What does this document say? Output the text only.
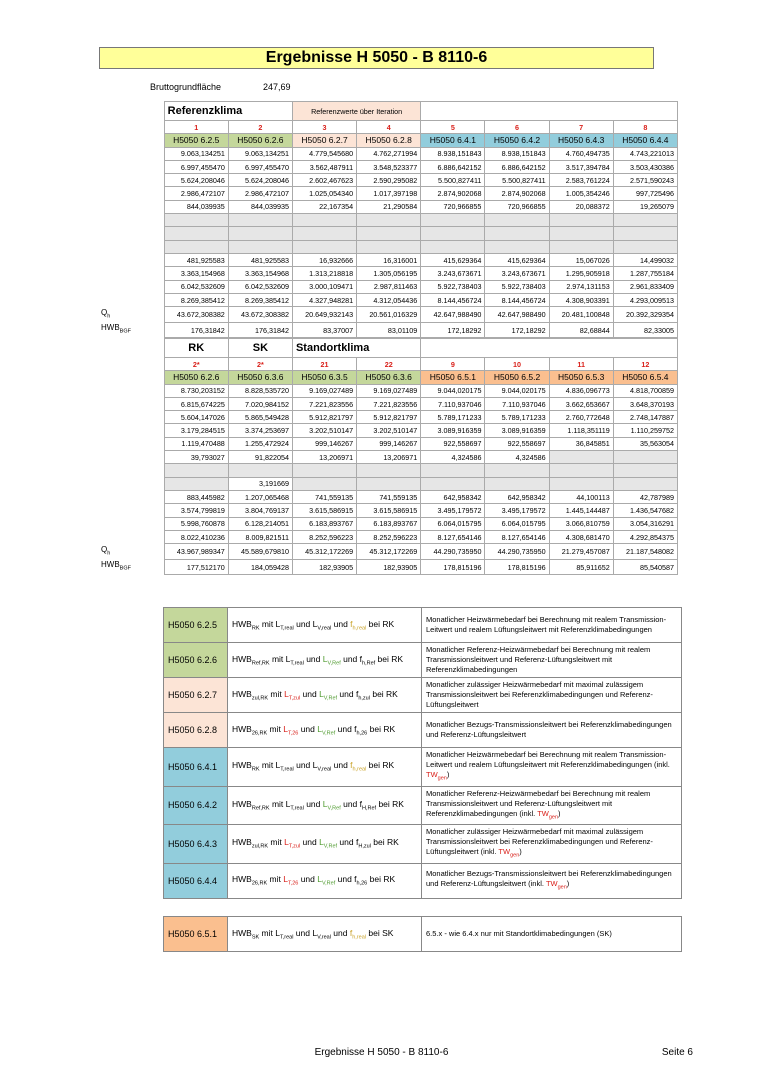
Ergebnisse H 5050 - B 8110-6
Bruttogrundfläche	247,69
	Referenzklima		Referenzwerte über Iteration					
	1	2	3	4	5	6	7	8
	H5050 6.2.5	H5050 6.2.6	H5050 6.2.7	H5050 6.2.8	H5050 6.4.1	H5050 6.4.2	H5050 6.4.3	H5050 6.4.4
	9.063,134251	9.063,134251	4.779,545680	4.762,271994	8.938,151843	8.938,151843	4.760,494735	4.743,221013
	6.997,455470	6.997,455470	3.562,487911	3.548,523377	6.886,642152	6.886,642152	3.517,394784	3.503,430386
	5.624,208046	5.624,208046	2.602,467623	2.590,295082	5.500,827411	5.500,827411	2.583,761224	2.571,590243
	2.986,472107	2.986,472107	1.025,054340	1.017,397198	2.874,902068	2.874,902068	1.005,354246	997,725496
	844,039935	844,039935	22,167354	21,290584	720,966855	720,966855	20,088372	19,265079

	481,925583	481,925583	16,932666	16,316001	415,629364	415,629364	15,067026	14,499032
	3.363,154968	3.363,154968	1.313,218818	1.305,056195	3.243,673671	3.243,673671	1.295,905918	1.287,755184
	6.042,532609	6.042,532609	3.000,109471	2.987,811463	5.922,738403	5.922,738403	2.974,131153	2.961,833409
	8.269,385412	8.269,385412	4.327,948281	4.312,054436	8.144,456724	8.144,456724	4.308,903391	4.293,009513
$Q_h$	43.672,308382	43.672,308382	20.649,932143	20.561,016329	42.647,988490	42.647,988490	20.481,100848	20.392,329354
$HWB_{BGF}$	176,31842	176,31842	83,37007	83,01109	172,18292	172,18292	82,68844	82,33005
	RK	SK	Standortklima					
	2*	2*	21	22	9	10	11	12
	H5050 6.2.6	H5050 6.3.6	H5050 6.3.5	H5050 6.3.6	H5050 6.5.1	H5050 6.5.2	H5050 6.5.3	H5050 6.5.4
	8.730,203152	8.828,535720	9.169,027489	9.169,027489	9.044,020175	9.044,020175	4.836,096773	4.818,700859
	6.815,674225	7.020,984152	7.221,823556	7.221,823556	7.110,937046	7.110,937046	3.662,653667	3.648,370193
	5.604,147026	5.865,549428	5.912,821797	5.912,821797	5.789,171233	5.789,171233	2.760,772648	2.748,147887
	3.179,284515	3.374,253697	3.202,510147	3.202,510147	3.089,916359	3.089,916359	1.118,351119	1.110,259752
	1.119,470488	1.255,472924	999,146267	999,146267	922,558697	922,558697	36,845851	35,563054
	39,793027	91,822054	13,206971	13,206971	4,324586	4,324586		

		3,191669						
	883,445982	1.207,065468	741,559135	741,559135	642,958342	642,958342	44,100113	42,787989
	3.574,799819	3.804,769137	3.615,586915	3.615,586915	3.495,179572	3.495,179572	1.445,144487	1.436,547682
	5.998,760878	6.128,214051	6.183,893767	6.183,893767	6.064,015795	6.064,015795	3.066,810759	3.054,316291
	8.022,410236	8.009,821511	8.252,596223	8.252,596223	8.127,654146	8.127,654146	4.308,681470	4.292,854375
$Q_h$	43.967,989347	45.589,679810	45.312,172269	45.312,172269	44.290,735950	44.290,735950	21.279,457087	21.187,548082
$HWB_{BGF}$	177,512170	184,059428	182,93905	182,93905	178,815196	178,815196	85,911652	85,540587
H5050 6.2.5	$HWB_{RK}$ mit $L_{T,real}$ und $L_{V,real}$ und $f_{h,real}$ bei RK	Monatlicher Heizwärmebedarf bei Berechnung mit realem Transmission-Leitwert und realem Lüftungsleitwert mit Referenzklimabedingungen
H5050 6.2.6	$HWB_{Ref,RK}$ mit $L_{T,real}$ und $L_{V,Ref}$ und $f_{h,Ref}$ bei RK	Monatlicher Referenz-Heizwärmebedarf bei Berechnung mit realem Transmissionsleitwert und Referenz-Lüftungsleitwert mit Referenzklimabedingungen
H5050 6.2.7	$HWB_{zul,RK}$ mit $L_{T,zul}$ und $L_{V,Ref}$ und $f_{h,zul}$ bei RK	Monatlicher zulässiger Heizwärmebedarf mit maximal zulässigem Transmissionsleitwert bei Referenzklimabedingungen und Referenz-Lüftungsleitwert
H5050 6.2.8	$HWB_{26,RK}$ mit $L_{T,26}$ und $L_{V,Ref}$ und $f_{h,26}$ bei RK	Monatlicher Bezugs-Transmissionsleitwert bei Referenzklimabedingungen und Referenz-Lüftungsleitwert
H5050 6.4.1	$HWB_{RK}$ mit $L_{T,real}$ und $L_{V,real}$ und $f_{h,real}$ bei RK	Monatlicher Heizwärmebedarf bei Berechnung mit realem Transmission-Leitwert und realem Lüftungsleitwert mit Referenzklimabedingungen (inkl. $TW_{gen}$)
H5050 6.4.2	$HWB_{Ref,RK}$ mit $L_{T,real}$ und $L_{V,Ref}$ und $f_{H,Ref}$ bei RK	Monatlicher Referenz-Heizwärmebedarf bei Berechnung mit realem Transmissionsleitwert und Referenz-Lüftungsleitwert mit Referenzklimabedingungen (inkl. $TW_{gen}$)
H5050 6.4.3	$HWB_{zul,RK}$ mit $L_{T,zul}$ und $L_{V,Ref}$ und $f_{H,zul}$ bei RK	Monatlicher zulässiger Heizwärmebedarf mit maximal zulässigem Transmissionsleitwert bei Referenzklimabedingungen und Referenz-Lüftungsleitwert (inkl. $TW_{gen}$)
H5050 6.4.4	$HWB_{26,RK}$ mit $L_{T,26}$ und $L_{V,Ref}$ und $f_{h,26}$ bei RK	Monatlicher Bezugs-Transmissionsleitwert bei Referenzklimabedingungen und Referenz-Lüftungsleitwert (inkl. $TW_{gen}$)
H5050 6.5.1	$HWB_{SK}$ mit $L_{T,real}$ und $L_{V,real}$ und $f_{h,real}$ bei SK	6.5.x - wie 6.4.x nur mit Standortklimabedingungen (SK)
Ergebnisse H 5050 - B 8110-6	Seite 6
